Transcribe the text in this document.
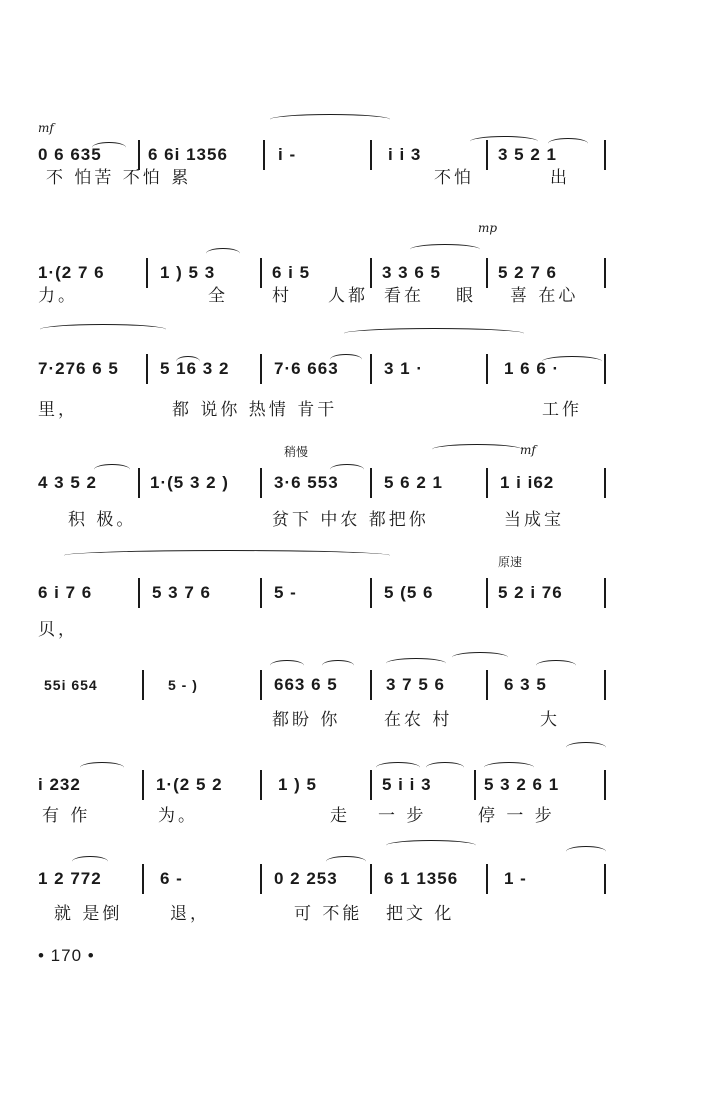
mf
0 6 635	6 6i 1356	i -	i i 3	3 5 2 1
不 怕苦 不怕 累	不怕	出
mp
1·(2 7 6	1 ) 5 3	6 i 5	3 3 6 5	5 2 7 6
力。	全	村 人都 看在 眼 喜 在心
7·276 6 5 5 16 3 2	7·6 663	3 1 ·	1 6 6 ·
里，	都 说你 热情 肯干	工作
稍慢	mf
4 3 5 2	1·(5 3 2 )	3·6 553	5 6 2 1	1 i i62
积 极。	贫下 中农 都把你	当成宝
原速
6 i 7 6	5 3 7 6	5 -	5 (5 6	5 2 i 76
贝，
55i 654	5 - )	663 6 5	3 7 5 6	6 3 5
都盼 你	在农 村	大
i 232	1·(2 5 2	1 ) 5	5 i i 3	5 3 2 6 1
有 作	为。	走 一 步	停 一 步
1 2 772	6 -	0 2 253	6 1 1356	1 -
就 是倒	退，	可 不能 把文 化
• 170 •
